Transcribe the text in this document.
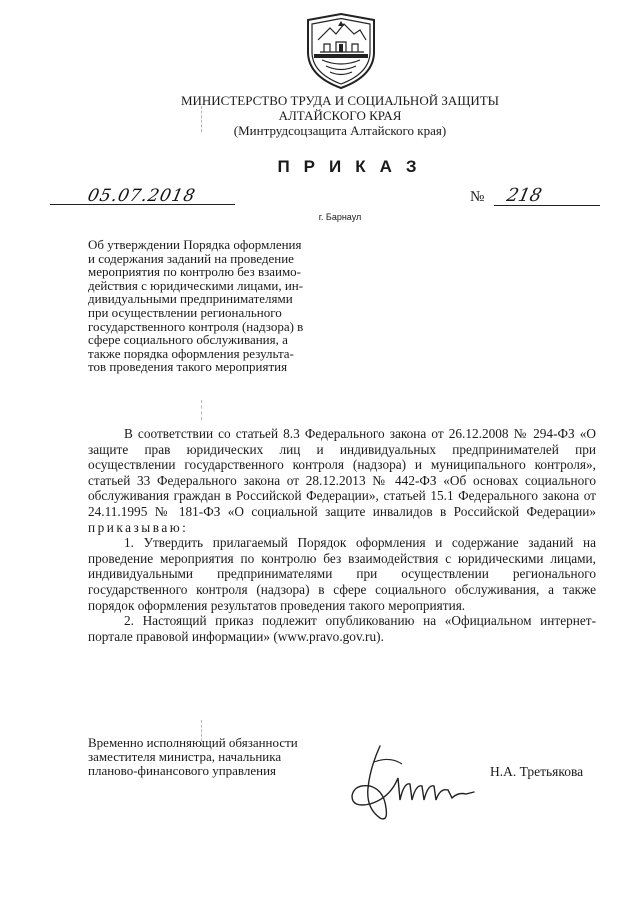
МИНИСТЕРСТВО ТРУДА И СОЦИАЛЬНОЙ ЗАЩИТЫ
АЛТАЙСКОГО КРАЯ
(Минтрудсоцзащита Алтайского края)
ПРИКАЗ
05.07.2018	№ 218
г. Барнаул
Об утверждении Порядка оформления
и содержания заданий на проведение
мероприятия по контролю без взаимо-
действия с юридическими лицами, ин-
дивидуальными предпринимателями
при осуществлении регионального
государственного контроля (надзора) в
сфере социального обслуживания, а
также порядка оформления результа-
тов проведения такого мероприятия

В соответствии со статьей 8.3 Федерального закона от 26.12.2008 № 294-ФЗ «О защите прав юридических лиц и индивидуальных предпринимателей при осуществлении государственного контроля (надзора) и муниципального контроля», статьей 33 Федерального закона от 28.12.2013 № 442-ФЗ «Об основах социального обслуживания граждан в Российской Федерации», статьей 15.1 Федерального закона от 24.11.1995 № 181-ФЗ «О социальной защите инвалидов в Российской Федерации» приказываю:

1. Утвердить прилагаемый Порядок оформления и содержание заданий на проведение мероприятия по контролю без взаимодействия с юридическими лицами, индивидуальными предпринимателями при осуществлении регионального государственного контроля (надзора) в сфере социального обслуживания, а также порядок оформления результатов проведения такого мероприятия.

2. Настоящий приказ подлежит опубликованию на «Официальном интернет-портале правовой информации» (www.pravo.gov.ru).

Временно исполняющий обязанности
заместителя министра, начальника
планово-финансового управления	Н.А. Третьякова
